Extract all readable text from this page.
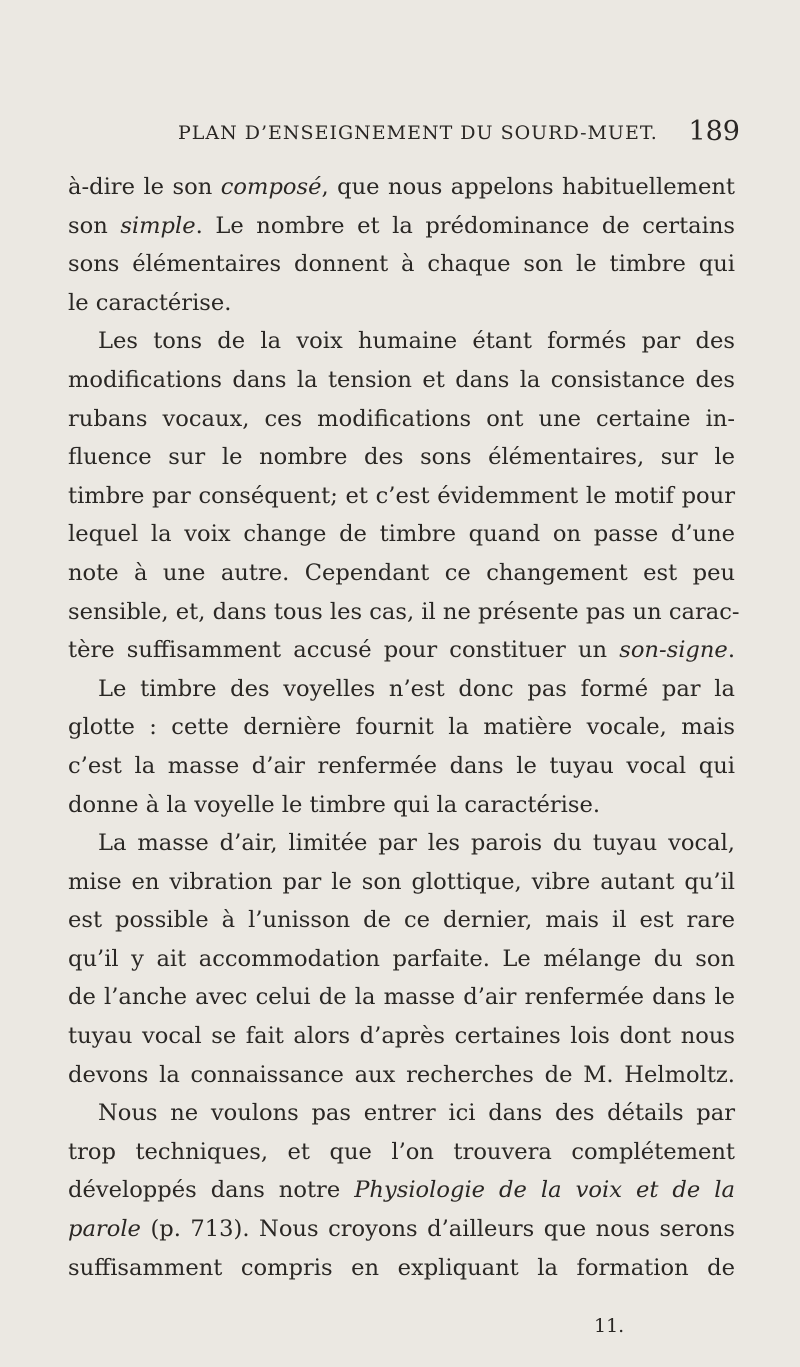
PLAN D’ENSEIGNEMENT DU SOURD-MUET. 189
à-dire le son composé, que nous appelons habituellement
son simple. Le nombre et la prédominance de certains
sons élémentaires donnent à chaque son le timbre qui
le caractérise.
Les tons de la voix humaine étant formés par des
modifications dans la tension et dans la consistance des
rubans vocaux, ces modifications ont une certaine in-
fluence sur le nombre des sons élémentaires, sur le
timbre par conséquent; et c’est évidemment le motif pour
lequel la voix change de timbre quand on passe d’une
note à une autre. Cependant ce changement est peu
sensible, et, dans tous les cas, il ne présente pas un carac-
tère suffisamment accusé pour constituer un son-signe.
Le timbre des voyelles n’est donc pas formé par la
glotte : cette dernière fournit la matière vocale, mais
c’est la masse d’air renfermée dans le tuyau vocal qui
donne à la voyelle le timbre qui la caractérise.
La masse d’air, limitée par les parois du tuyau vocal,
mise en vibration par le son glottique, vibre autant qu’il
est possible à l’unisson de ce dernier, mais il est rare
qu’il y ait accommodation parfaite. Le mélange du son
de l’anche avec celui de la masse d’air renfermée dans le
tuyau vocal se fait alors d’après certaines lois dont nous
devons la connaissance aux recherches de M. Helmoltz.
Nous ne voulons pas entrer ici dans des détails par
trop techniques, et que l’on trouvera complétement
développés dans notre Physiologie de la voix et de la
parole (p. 713). Nous croyons d’ailleurs que nous serons
suffisamment compris en expliquant la formation de
11.
